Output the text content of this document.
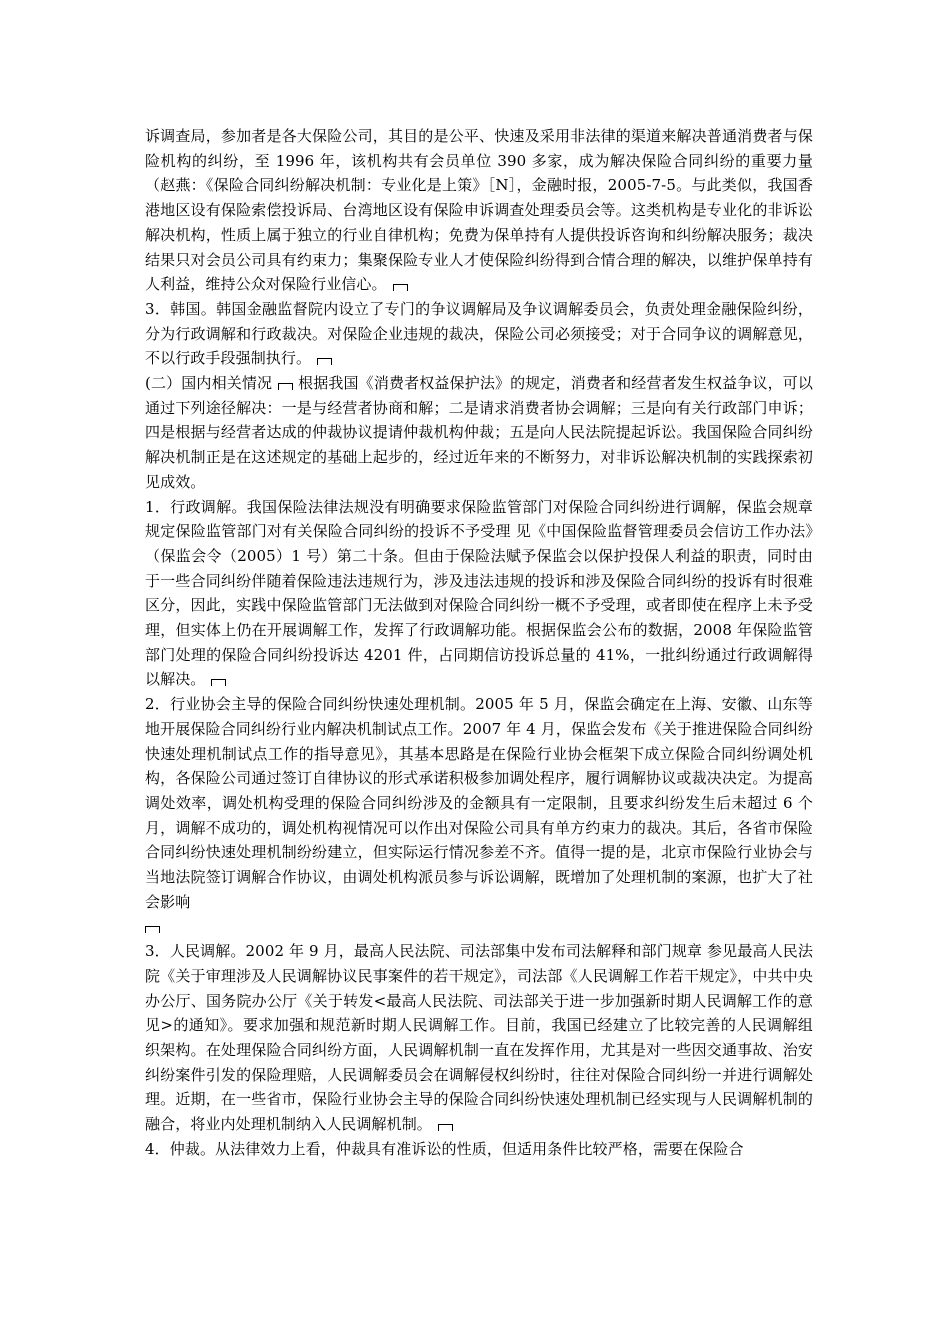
诉调查局，参加者是各大保险公司，其目的是公平、快速及采用非法律的渠道来解决普通消费者与保险机构的纠纷，至 1996 年，该机构共有会员单位 390 多家，成为解决保险合同纠纷的重要力量（赵燕：《保险合同纠纷解决机制：专业化是上策》［N］，金融时报，2005-7-5。与此类似，我国香港地区设有保险索偿投诉局、台湾地区设有保险申诉调查处理委员会等。这类机构是专业化的非诉讼解决机构，性质上属于独立的行业自律机构；免费为保单持有人提供投诉咨询和纠纷解决服务；裁决结果只对会员公司具有约束力；集聚保险专业人才使保险纠纷得到合情合理的解决，以维护保单持有人利益，维持公众对保险行业信心。

3．韩国。韩国金融监督院内设立了专门的争议调解局及争议调解委员会，负责处理金融保险纠纷，分为行政调解和行政裁决。对保险企业违规的裁决，保险公司必须接受；对于合同争议的调解意见，不以行政手段强制执行。

(二）国内相关情况 根据我国《消费者权益保护法》的规定，消费者和经营者发生权益争议，可以通过下列途径解决：一是与经营者协商和解；二是请求消费者协会调解；三是向有关行政部门申诉；四是根据与经营者达成的仲裁协议提请仲裁机构仲裁；五是向人民法院提起诉讼。我国保险合同纠纷解决机制正是在这述规定的基础上起步的，经过近年来的不断努力，对非诉讼解决机制的实践探索初见成效。

1．行政调解。我国保险法律法规没有明确要求保险监管部门对保险合同纠纷进行调解，保监会规章规定保险监管部门对有关保险合同纠纷的投诉不予受理 见《中国保险监督管理委员会信访工作办法》（保监会令（2005）1 号）第二十条。但由于保险法赋予保监会以保护投保人利益的职责，同时由于一些合同纠纷伴随着保险违法违规行为，涉及违法违规的投诉和涉及保险合同纠纷的投诉有时很难区分，因此，实践中保险监管部门无法做到对保险合同纠纷一概不予受理，或者即使在程序上未予受理，但实体上仍在开展调解工作，发挥了行政调解功能。根据保监会公布的数据，2008 年保险监管部门处理的保险合同纠纷投诉达 4201 件，占同期信访投诉总量的 41%，一批纠纷通过行政调解得以解决。

2．行业协会主导的保险合同纠纷快速处理机制。2005 年 5 月，保监会确定在上海、安徽、山东等地开展保险合同纠纷行业内解决机制试点工作。2007 年 4 月，保监会发布《关于推进保险合同纠纷快速处理机制试点工作的指导意见》，其基本思路是在保险行业协会框架下成立保险合同纠纷调处机构，各保险公司通过签订自律协议的形式承诺积极参加调处程序，履行调解协议或裁决决定。为提高调处效率，调处机构受理的保险合同纠纷涉及的金额具有一定限制，且要求纠纷发生后未超过 6 个月，调解不成功的，调处机构视情况可以作出对保险公司具有单方约束力的裁决。其后，各省市保险合同纠纷快速处理机制纷纷建立，但实际运行情况参差不齐。值得一提的是，北京市保险行业协会与当地法院签订调解合作协议，由调处机构派员参与诉讼调解，既增加了处理机制的案源，也扩大了社会影响

3．人民调解。2002 年 9 月，最高人民法院、司法部集中发布司法解释和部门规章 参见最高人民法院《关于审理涉及人民调解协议民事案件的若干规定》，司法部《人民调解工作若干规定》，中共中央办公厅、国务院办公厅《关于转发<最高人民法院、司法部关于进一步加强新时期人民调解工作的意见>的通知》。要求加强和规范新时期人民调解工作。目前，我国已经建立了比较完善的人民调解组织架构。在处理保险合同纠纷方面，人民调解机制一直在发挥作用，尤其是对一些因交通事故、治安纠纷案件引发的保险理赔，人民调解委员会在调解侵权纠纷时，往往对保险合同纠纷一并进行调解处理。近期，在一些省市，保险行业协会主导的保险合同纠纷快速处理机制已经实现与人民调解机制的融合，将业内处理机制纳入人民调解机制。

4．仲裁。从法律效力上看，仲裁具有准诉讼的性质，但适用条件比较严格，需要在保险合
